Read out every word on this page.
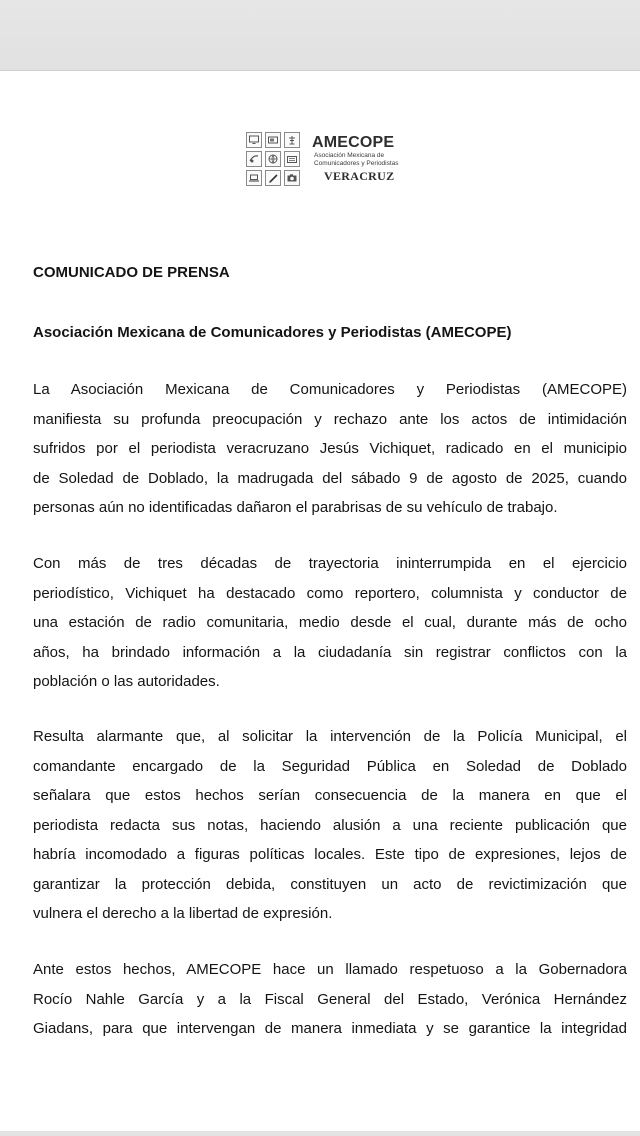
AMECOPE
Asociación Mexicana de
Comunicadores y Periodistas
VERACRUZ
COMUNICADO DE PRENSA
Asociación Mexicana de Comunicadores y Periodistas (AMECOPE)
La Asociación Mexicana de Comunicadores y Periodistas (AMECOPE)
manifiesta su profunda preocupación y rechazo ante los actos de intimidación
sufridos por el periodista veracruzano Jesús Vichiquet, radicado en el municipio
de Soledad de Doblado, la madrugada del sábado 9 de agosto de 2025, cuando
personas aún no identificadas dañaron el parabrisas de su vehículo de trabajo.
Con más de tres décadas de trayectoria ininterrumpida en el ejercicio
periodístico, Vichiquet ha destacado como reportero, columnista y conductor de
una estación de radio comunitaria, medio desde el cual, durante más de ocho
años, ha brindado información a la ciudadanía sin registrar conflictos con la
población o las autoridades.
Resulta alarmante que, al solicitar la intervención de la Policía Municipal, el
comandante encargado de la Seguridad Pública en Soledad de Doblado
señalara que estos hechos serían consecuencia de la manera en que el
periodista redacta sus notas, haciendo alusión a una reciente publicación que
habría incomodado a figuras políticas locales. Este tipo de expresiones, lejos de
garantizar la protección debida, constituyen un acto de revictimización que
vulnera el derecho a la libertad de expresión.
Ante estos hechos, AMECOPE hace un llamado respetuoso a la Gobernadora
Rocío Nahle García y a la Fiscal General del Estado, Verónica Hernández
Giadans, para que intervengan de manera inmediata y se garantice la integridad
